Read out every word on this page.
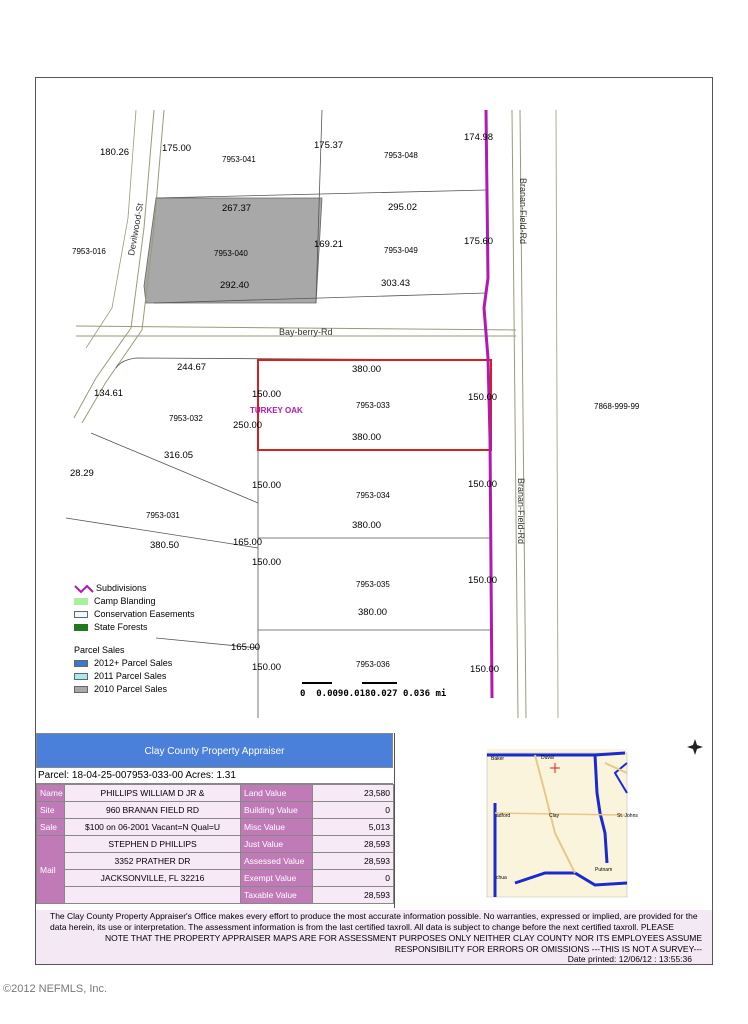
Devilwood-St
Bay-berry-Rd
Branan-Field-Rd
Branan-Field-Rd
TURKEY OAK
7953-041	7953-048
7953-040	7953-049
7953-016
7953-033
7953-032
7953-034
7953-031
7953-035
7953-036
7868-999-99
180.26	175.00	175.37
174.98
267.37	295.02
169.21	175.60
292.40	303.43
244.67	380.00
134.61	150.00	150.00
250.00
380.00
316.05
28.29
150.00	150.00
380.00
380.50	165.00
150.00
150.00
380.00
165.00
150.00	150.00
Subdivisions
Camp Blanding
Conservation Easements
State Forests
Parcel Sales
2012+ Parcel Sales
2011 Parcel Sales
2010 Parcel Sales	0  0.0090.0180.027 0.036 mi
Clay County Property Appraiser
Parcel: 18-04-25-007953-033-00 Acres: 1.31
Name	PHILLIPS WILLIAM D JR &	Land Value	23,580
Site	960 BRANAN FIELD RD	Building Value	0
Sale	$100 on 06-2001 Vacant=N Qual=U	Misc Value	5,013
Mail	STEPHEN D PHILLIPS	Just Value	28,593
	3352 PRATHER DR	Assessed Value	28,593
	JACKSONVILLE, FL 32216	Exempt Value	0
		Taxable Value	28,593
Baker	Duval
Clay	St. Johns
adford
Putnam
chua
The Clay County Property Appraiser's Office makes every effort to produce the most accurate information possible. No warranties, expressed or implied, are provided for the data herein, its use or interpretation. The assessment information is from the last certified taxroll. All data is subject to change before the next certified taxroll. PLEASE
NOTE THAT THE PROPERTY APPRAISER MAPS ARE FOR ASSESSMENT PURPOSES ONLY NEITHER CLAY COUNTY NOR ITS EMPLOYEES ASSUME
RESPONSIBILITY FOR ERRORS OR OMISSIONS ---THIS IS NOT A SURVEY---
Date printed: 12/06/12 : 13:55:36
©2012 NEFMLS, Inc.
